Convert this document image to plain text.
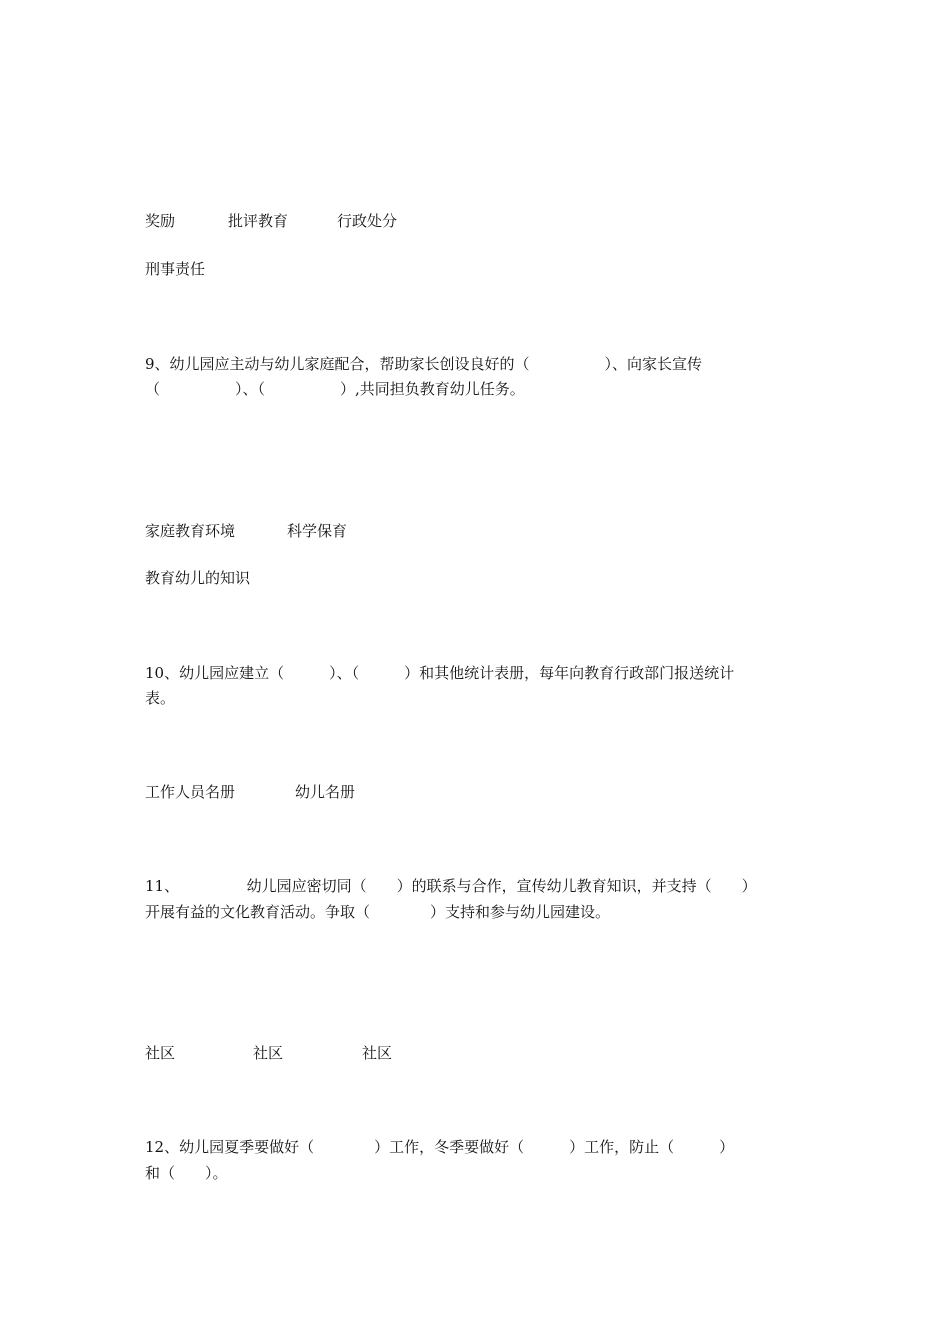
奖励	批评教育	行政处分
刑事责任
9、幼儿园应主动与幼儿家庭配合，帮助家长创设良好的（　　　　　）、向家长宣传
（　　　　　）、（　　　　　）,共同担负教育幼儿任务。
家庭教育环境	科学保育
教育幼儿的知识
10、幼儿园应建立（　　　）、（　　　）和其他统计表册，每年向教育行政部门报送统计
表。
工作人员名册	幼儿名册
11、　　　　　幼儿园应密切同（　　）的联系与合作，宣传幼儿教育知识，并支持（　　）
开展有益的文化教育活动。争取（　　　　）支持和参与幼儿园建设。
社区	社区	社区
12、幼儿园夏季要做好（　　　　）工作，冬季要做好（　　　）工作，防止（　　　）
和（　　）。
